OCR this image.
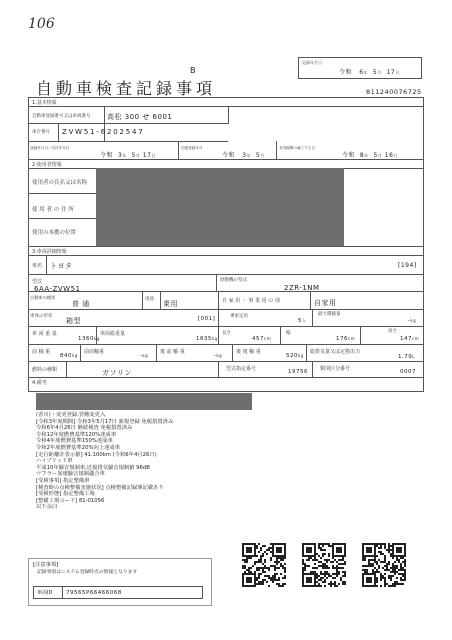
106
B
自動車検査記録事項
記録年月日
令和 6年 5月 17日
811240076725
1.基本情報
自動車登録番号又は車両番号 高松 300 せ 6001
車台番号 ZVW51-6202547
登録年月日／交付年月日
令和 3年 5月 17日
初度登録年月
令和 3年 5月
有効期間の満了する日
令和 8年 5月 16日
2.使用者情報
使用者の氏名又は名称
使 用 者 の 住 所
使用の本拠の位置
3.車両詳細情報
車名 トヨタ	[194]
型式
6AA-ZVW51
原動機の型式
2ZR-1NM
自動車の種別
普 通
用途
乗用	自 家 用 ・ 事 業 用 の 別	自家用
車体の形状
箱型	[001]	乗車定員
5人
最大積載量
-kg
車 両 重 量
1360kg
車両総重量
1635kg
長さ
457cm
幅
176cm
高さ
147cm
前 軸 重
840kg
前前軸重
-kg
後 前 軸 重
-kg
後 後 軸 重
520kg
総排気量又は定格出力
1.79L
燃料の種類	ガソリン	型式指定番号	19756 類別区分番号	0007
4.備考
(香川)・変更登録,管轄変更入
[令和3年度期間] 令和3年5月17日 新規登録 免税措置済み
令和6年4月26日 継続検査 免税措置済み
令和12年度燃費基準120%達成車
令和4年度燃費基準150%達成車
令和2年度燃費基準20%向上達成車
[走行距離計表示値] 41,100km (令和6年4月26日)
ハイブリッド車
平成10年騒音規制車,近接排気騒音規制値 96dB
マフラー加速騒音規制適合車
[受検事項] 指定整備車
[検査時の点検整備実施状況] 点検整備記録簿記載あり
[受検形態] 指定整備工場
[整備工場コード] 81-01056
以下余白
[注意事項]
記録事項はシステム登録時点の情報となります
車両ID 79565P66466068
